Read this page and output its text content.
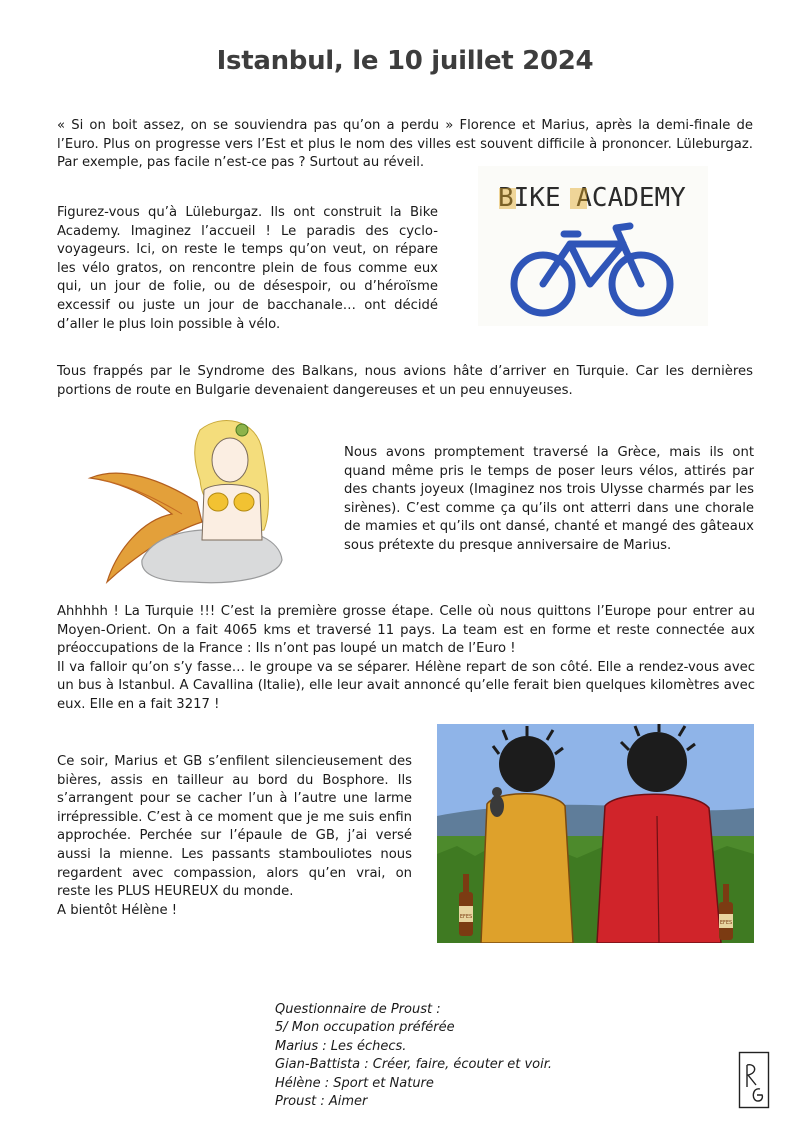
Istanbul, le 10 juillet 2024
« Si on boit assez, on se souviendra pas qu’on a perdu » Florence et Marius, après la demi-finale de l’Euro. Plus on progresse vers l’Est et plus le nom des villes est souvent difficile à prononcer. Lüleburgaz. Par exemple, pas facile n’est-ce pas ? Surtout au réveil.
Figurez-vous qu’à Lüleburgaz. Ils ont construit la Bike Academy. Imaginez l’accueil ! Le paradis des cyclo-voyageurs. Ici, on reste le temps qu’on veut, on répare les vélo gratos, on rencontre plein de fous comme eux qui, un jour de folie, ou de désespoir, ou d’héroïsme excessif ou juste un jour de bacchanale… ont décidé d’aller le plus loin possible à vélo.
BIKE ACADEMY
Tous frappés par le Syndrome des Balkans, nous avions hâte d’arriver en Turquie. Car les dernières portions de route en Bulgarie devenaient dangereuses et un peu ennuyeuses.
Nous avons promptement traversé la Grèce, mais ils ont quand même pris le temps de poser leurs vélos, attirés par des chants joyeux (Imaginez nos trois Ulysse charmés par les sirènes). C’est comme ça qu’ils ont atterri dans une chorale de mamies et qu’ils ont dansé, chanté et mangé des gâteaux sous prétexte du presque anniversaire de Marius.
Ahhhhh ! La Turquie !!! C’est la première grosse étape. Celle où nous quittons l’Europe pour entrer au Moyen-Orient. On a fait 4065 kms et traversé 11 pays. La team est en forme et reste connectée aux préoccupations de la France : Ils n’ont pas loupé un match de l’Euro !
Il va falloir qu’on s’y fasse… le groupe va se séparer. Hélène repart de son côté. Elle a rendez-vous avec un bus à Istanbul. A Cavallina (Italie), elle leur avait annoncé qu’elle ferait bien quelques kilomètres avec eux. Elle en a fait 3217 !
Ce soir, Marius et GB s’enfilent silencieusement des bières, assis en tailleur au bord du Bosphore. Ils s’arrangent pour se cacher l’un à l’autre une larme irrépressible. C’est à ce moment que je me suis enfin approchée. Perchée sur l’épaule de GB, j’ai versé aussi la mienne. Les passants stambouliotes nous regardent avec compassion, alors qu’en vrai, on reste les PLUS HEUREUX du monde.
A bientôt Hélène !	EFES
EFES
Questionnaire de Proust :
5/ Mon occupation préférée
Marius : Les échecs.
Gian-Battista : Créer, faire, écouter et voir.
Hélène : Sport et Nature
Proust : Aimer
